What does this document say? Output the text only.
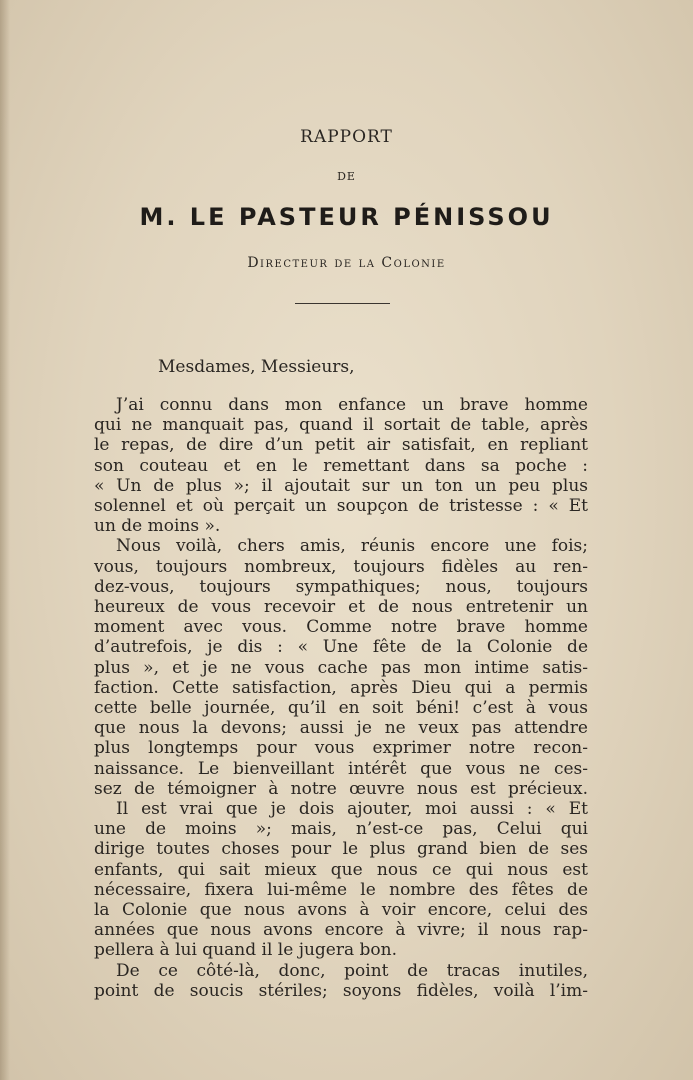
RAPPORT
DE
M. LE PASTEUR PÉNISSOU
Directeur de la Colonie
Mesdames, Messieurs,
J’ai connu dans mon enfance un brave homme
qui ne manquait pas, quand il sortait de table, après
le repas, de dire d’un petit air satisfait, en repliant
son couteau et en le remettant dans sa poche :
« Un de plus »; il ajoutait sur un ton un peu plus
solennel et où perçait un soupçon de tristesse : « Et
un de moins ».
Nous voilà, chers amis, réunis encore une fois;
vous, toujours nombreux, toujours fidèles au ren-
dez-vous, toujours sympathiques; nous, toujours
heureux de vous recevoir et de nous entretenir un
moment avec vous. Comme notre brave homme
d’autrefois, je dis : « Une fête de la Colonie de
plus », et je ne vous cache pas mon intime satis-
faction. Cette satisfaction, après Dieu qui a permis
cette belle journée, qu’il en soit béni! c’est à vous
que nous la devons; aussi je ne veux pas attendre
plus longtemps pour vous exprimer notre recon-
naissance. Le bienveillant intérêt que vous ne ces-
sez de témoigner à notre œuvre nous est précieux.
Il est vrai que je dois ajouter, moi aussi : « Et
une de moins »; mais, n’est-ce pas, Celui qui
dirige toutes choses pour le plus grand bien de ses
enfants, qui sait mieux que nous ce qui nous est
nécessaire, fixera lui-même le nombre des fêtes de
la Colonie que nous avons à voir encore, celui des
années que nous avons encore à vivre; il nous rap-
pellera à lui quand il le jugera bon.
De ce côté-là, donc, point de tracas inutiles,
point de soucis stériles; soyons fidèles, voilà l’im-
